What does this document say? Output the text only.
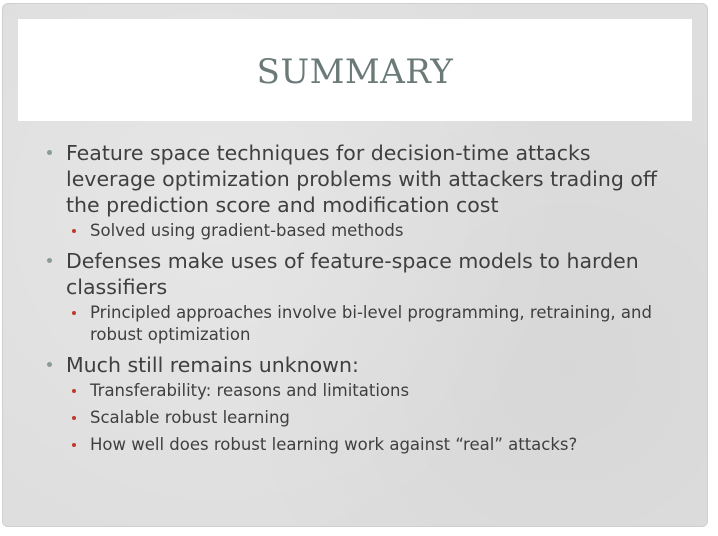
SUMMARY
Feature space techniques for decision-time attacks leverage optimization problems with attackers trading off the prediction score and modification cost
Solved using gradient-based methods
Defenses make uses of feature-space models to harden classifiers
Principled approaches involve bi-level programming, retraining, and robust optimization
Much still remains unknown:
Transferability: reasons and limitations
Scalable robust learning
How well does robust learning work against “real” attacks?
